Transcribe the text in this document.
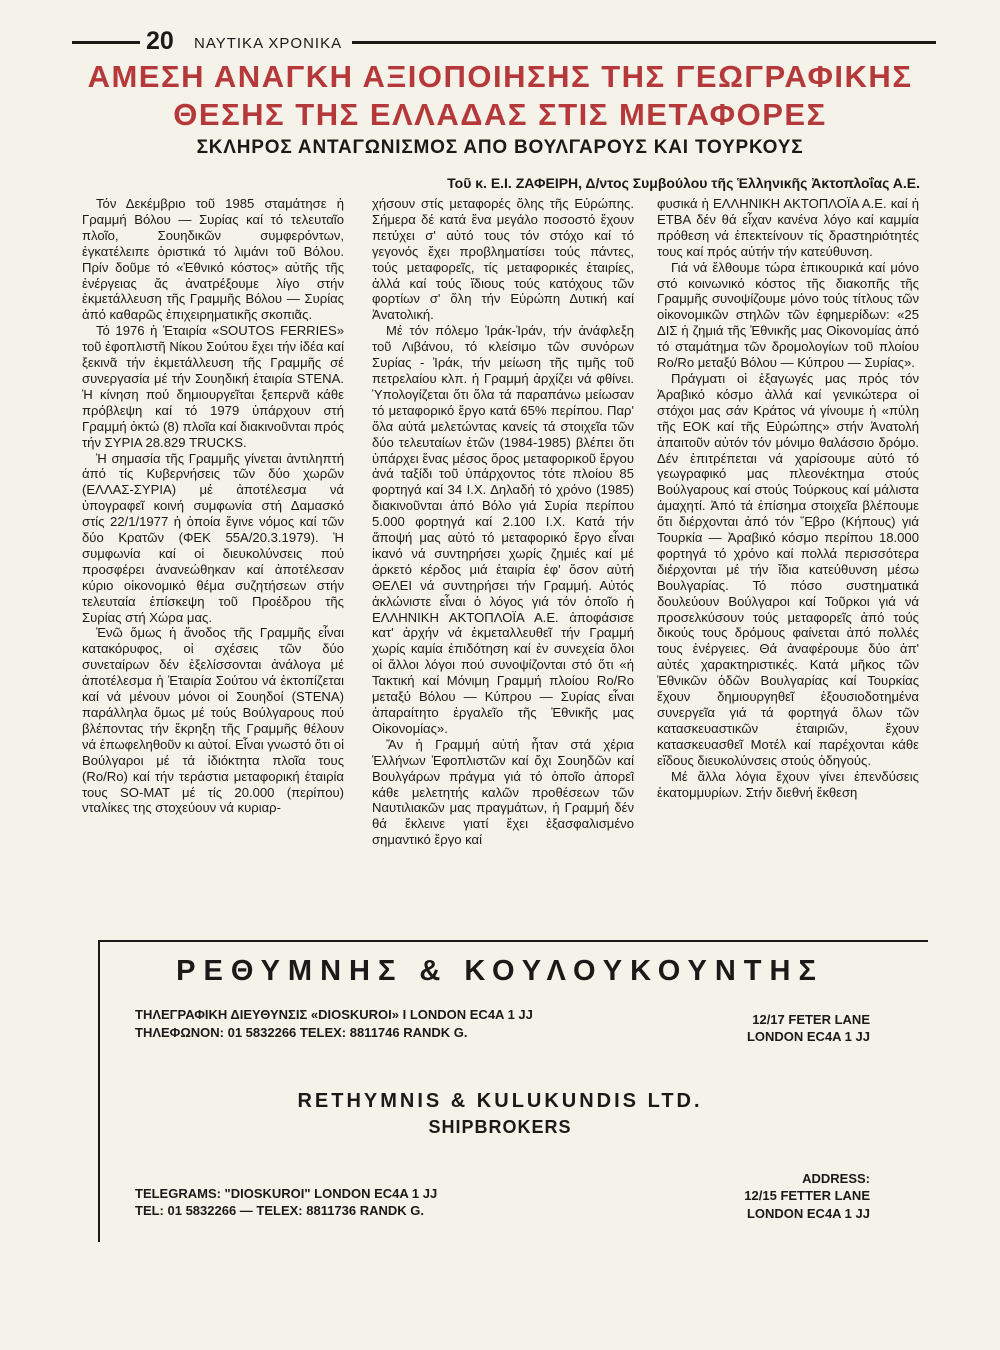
20 ΝΑΥΤΙΚΑ ΧΡΟΝΙΚΑ
ΑΜΕΣΗ ΑΝΑΓΚΗ ΑΞΙΟΠΟΙΗΣΗΣ ΤΗΣ ΓΕΩΓΡΑΦΙΚΗΣ
ΘΕΣΗΣ ΤΗΣ ΕΛΛΑΔΑΣ ΣΤΙΣ ΜΕΤΑΦΟΡΕΣ
ΣΚΛΗΡΟΣ ΑΝΤΑΓΩΝΙΣΜΟΣ ΑΠΟ ΒΟΥΛΓΑΡΟΥΣ ΚΑΙ ΤΟΥΡΚΟΥΣ
Τοῦ κ. Ε.Ι. ΖΑΦΕΙΡΗ, Δ/ντος Συμβούλου τῆς Ἑλληνικῆς Ἀκτοπλοΐας Α.Ε.

Τόν Δεκέμβριο τοῦ 1985 σταμάτησε ἡ Γραμμή Βόλου — Συρίας καί τό τελευταῖο πλοῖο, Σουηδικῶν συμφερόντων, ἐγκατέλειπε ὁριστικά τό λιμάνι τοῦ Βόλου. Πρίν δοῦμε τό «Ἐθνικό κόστος» αὐτῆς τῆς ἐνέργειας ἄς ἀνατρέξουμε λίγο στήν ἐκμετάλλευση τῆς Γραμμῆς Βόλου — Συρίας ἀπό καθαρῶς ἐπιχειρηματικῆς σκοπιᾶς.

Τό 1976 ἡ Ἑταιρία «SOUTOS FERRIES» τοῦ ἐφοπλιστῆ Νίκου Σούτου ἔχει τήν ἰδέα καί ξεκινᾶ τήν ἐκμετάλλευση τῆς Γραμμῆς σέ συνεργασία μέ τήν Σουηδική ἑταιρία STENA. Ἡ κίνηση πού δημιουργεῖται ξεπερνᾶ κάθε πρόβλεψη καί τό 1979 ὑπάρχουν στή Γραμμή ὀκτώ (8) πλοῖα καί διακινοῦνται πρός τήν ΣΥΡΙΑ 28.829 TRUCKS.

Ἡ σημασία τῆς Γραμμῆς γίνεται ἀντιληπτή ἀπό τίς Κυβερνήσεις τῶν δύο χωρῶν (ΕΛΛΑΣ-ΣΥΡΙΑ) μέ ἀποτέλεσμα νά ὑπογραφεῖ κοινή συμφωνία στή Δαμασκό στίς 22/1/1977 ἡ ὁποία ἔγινε νόμος καί τῶν δύο Κρατῶν (ΦΕΚ 55Α/20.3.1979). Ἡ συμφωνία καί οἱ διευκολύνσεις πού προσφέρει ἀνανεώθηκαν καί ἀποτέλεσαν κύριο οἰκονομικό θέμα συζητήσεων στήν τελευταία ἐπίσκεψη τοῦ Προέδρου τῆς Συρίας στή Χώρα μας.

Ἐνῶ ὅμως ἡ ἄνοδος τῆς Γραμμῆς εἶναι κατακόρυφος, οἱ σχέσεις τῶν δύο συνεταίρων δέν ἐξελίσσονται ἀνάλογα μέ ἀποτέλεσμα ἡ Ἑταιρία Σούτου νά ἐκτοπίζεται καί νά μένουν μόνοι οἱ Σουηδοί (STENA) παράλληλα ὅμως μέ τούς Βούλγαρους πού βλέποντας τήν ἔκρηξη τῆς Γραμμῆς θέλουν νά ἐπωφεληθοῦν κι αὐτοί. Εἶναι γνωστό ὅτι οἱ Βούλγαροι μέ τά ἰδιόκτητα πλοῖα τους (Ro/Ro) καί τήν τεράστια μεταφορική ἑταιρία τους SO-MAT μέ τίς 20.000 (περίπου) νταλίκες της στοχεύουν νά κυριαρ-

χήσουν στίς μεταφορές ὅλης τῆς Εὐρώπης. Σήμερα δέ κατά ἕνα μεγάλο ποσοστό ἔχουν πετύχει σ' αὐτό τους τόν στόχο καί τό γεγονός ἔχει προβληματίσει τούς πάντες, τούς μεταφορεῖς, τίς μεταφορικές ἑταιρίες, ἀλλά καί τούς ἴδιους τούς κατόχους τῶν φορτίων σ' ὅλη τήν Εὐρώπη Δυτική καί Ἀνατολική.

Μέ τόν πόλεμο Ἰράκ-Ἰράν, τήν ἀνάφλεξη τοῦ Λιβάνου, τό κλείσιμο τῶν συνόρων Συρίας - Ἰράκ, τήν μείωση τῆς τιμῆς τοῦ πετρελαίου κλπ. ἡ Γραμμή ἀρχίζει νά φθίνει. Ὑπολογίζεται ὅτι ὅλα τά παραπάνω μείωσαν τό μεταφορικό ἔργο κατά 65% περίπου. Παρ' ὅλα αὐτά μελετώντας κανείς τά στοιχεῖα τῶν δύο τελευταίων ἐτῶν (1984-1985) βλέπει ὅτι ὑπάρχει ἕνας μέσος ὅρος μεταφορικοῦ ἔργου ἀνά ταξίδι τοῦ ὑπάρχοντος τότε πλοίου 85 φορτηγά καί 34 Ι.Χ. Δηλαδή τό χρόνο (1985) διακινοῦνται ἀπό Βόλο γιά Συρία περίπου 5.000 φορτηγά καί 2.100 Ι.Χ. Κατά τήν ἄποψή μας αὐτό τό μεταφορικό ἔργο εἶναι ἱκανό νά συντηρήσει χωρίς ζημιές καί μέ ἀρκετό κέρδος μιά ἑταιρία ἐφ' ὅσον αὐτή ΘΕΛΕΙ νά συντηρήσει τήν Γραμμή. Αὐτός ἀκλώνιστε εἶναι ὁ λόγος γιά τόν ὁποῖο ἡ ΕΛΛΗΝΙΚΗ ΑΚΤΟΠΛΟΪΑ Α.Ε. ἀποφάσισε κατ' ἀρχήν νά ἐκμεταλλευθεῖ τήν Γραμμή χωρίς καμία ἐπιδότηση καί ἐν συνεχεία ὅλοι οἱ ἄλλοι λόγοι πού συνοψίζονται στό ὅτι «ἡ Τακτική καί Μόνιμη Γραμμή πλοίου Ro/Ro μεταξύ Βόλου — Κύπρου — Συρίας εἶναι ἀπαραίτητο ἐργαλεῖο τῆς Ἐθνικῆς μας Οἰκονομίας».

Ἄν ἡ Γραμμή αὐτή ἦταν στά χέρια Ἑλλήνων Ἐφοπλιστῶν καί ὄχι Σουηδῶν καί Βουλγάρων πράγμα γιά τό ὁποῖο ἀπορεῖ κάθε μελετητής καλῶν προθέσεων τῶν Ναυτιλιακῶν μας πραγμάτων, ἡ Γραμμή δέν θά ἔκλεινε γιατί ἔχει ἐξασφαλισμένο σημαντικό ἔργο καί

φυσικά ἡ ΕΛΛΗΝΙΚΗ ΑΚΤΟΠΛΟΪΑ Α.Ε. καί ἡ ΕΤΒΑ δέν θά εἶχαν κανένα λόγο καί καμμία πρόθεση νά ἐπεκτείνουν τίς δραστηριότητές τους καί πρός αὐτήν τήν κατεύθυνση.

Γιά νά ἔλθουμε τώρα ἐπικουρικά καί μόνο στό κοινωνικό κόστος τῆς διακοπῆς τῆς Γραμμῆς συνοψίζουμε μόνο τούς τίτλους τῶν οἰκονομικῶν στηλῶν τῶν ἐφημερίδων: «25 ΔΙΣ ἡ ζημιά τῆς Ἐθνικῆς μας Οἰκονομίας ἀπό τό σταμάτημα τῶν δρομολογίων τοῦ πλοίου Ro/Ro μεταξύ Βόλου — Κύπρου — Συρίας».

Πράγματι οἱ ἐξαγωγές μας πρός τόν Ἀραβικό κόσμο ἀλλά καί γενικώτερα οἱ στόχοι μας σάν Κράτος νά γίνουμε ἡ «πύλη τῆς ΕΟΚ καί τῆς Εὐρώπης» στήν Ἀνατολή ἀπαιτοῦν αὐτόν τόν μόνιμο θαλάσσιο δρόμο. Δέν ἐπιτρέπεται νά χαρίσουμε αὐτό τό γεωγραφικό μας πλεονέκτημα στούς Βούλγαρους καί στούς Τούρκους καί μάλιστα ἀμαχητί. Ἀπό τά ἐπίσημα στοιχεῖα βλέπουμε ὅτι διέρχονται ἀπό τόν Ἕβρο (Κήπους) γιά Τουρκία — Ἀραβικό κόσμο περίπου 18.000 φορτηγά τό χρόνο καί πολλά περισσότερα διέρχονται μέ τήν ἴδια κατεύθυνση μέσω Βουλγαρίας. Τό πόσο συστηματικά δουλεύουν Βούλγαροι καί Τοῦρκοι γιά νά προσελκύσουν τούς μεταφορεῖς ἀπό τούς δικούς τους δρόμους φαίνεται ἀπό πολλές τους ἐνέργειες. Θά ἀναφέρουμε δύο ἀπ' αὐτές χαρακτηριστικές. Κατά μῆκος τῶν Ἐθνικῶν ὁδῶν Βουλγαρίας καί Τουρκίας ἔχουν δημιουργηθεῖ ἐξουσιοδοτημένα συνεργεῖα γιά τά φορτηγά ὅλων τῶν κατασκευαστικῶν ἑταιριῶν, ἔχουν κατασκευασθεῖ Μοτέλ καί παρέχονται κάθε εἴδους διευκολύνσεις στούς ὁδηγούς.

Μέ ἄλλα λόγια ἔχουν γίνει ἐπενδύσεις ἑκατομμυρίων. Στήν διεθνή ἔκθεση

ΡΕΘΥΜΝΗΣ & ΚΟΥΛΟΥΚΟΥΝΤΗΣ
ΤΗΛΕΓΡΑΦΙΚΗ ΔΙΕΥΘΥΝΣΙΣ «DIOSKUROI» I LONDON EC4A 1 JJ
ΤΗΛΕΦΩΝΟΝ: 01 5832266 TELEX: 8811746 RANDK G.
12/17 FETER LANE
LONDON EC4A 1 JJ
RETHYMNIS & KULUKUNDIS LTD.
SHIPBROKERS
TELEGRAMS: "DIOSKUROI" LONDON EC4A 1 JJ
TEL: 01 5832266 — TELEX: 8811736 RANDK G.
ADDRESS:
12/15 FETTER LANE
LONDON EC4A 1 JJ
